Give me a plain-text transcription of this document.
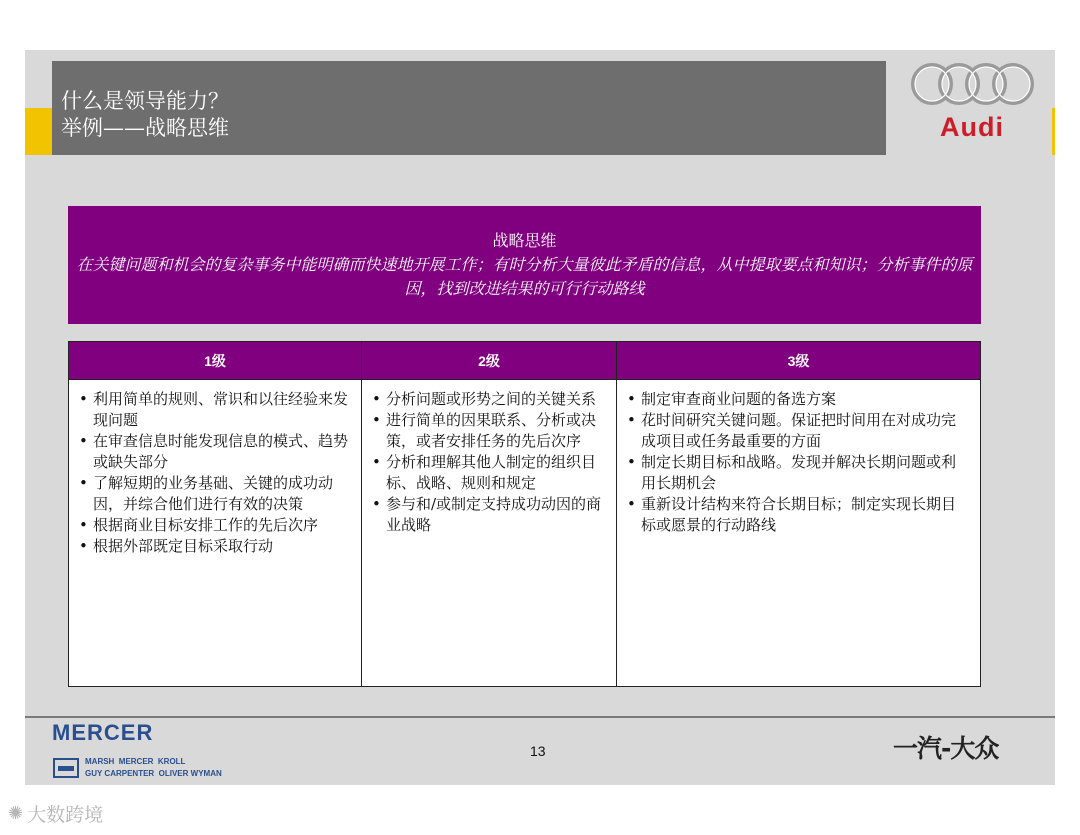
什么是领导能力？
举例——战略思维	Audi
战略思维
在关键问题和机会的复杂事务中能明确而快速地开展工作；有时分析大量彼此矛盾的信息，从中提取要点和知识；分析事件的原因，找到改进结果的可行行动路线
1级
• 利用简单的规则、常识和以往经验来发现问题
• 在审查信息时能发现信息的模式、趋势或缺失部分
• 了解短期的业务基础、关键的成功动因，并综合他们进行有效的决策
• 根据商业目标安排工作的先后次序
• 根据外部既定目标采取行动
2级
• 分析问题或形势之间的关键关系
• 进行简单的因果联系、分析或决策，或者安排任务的先后次序
• 分析和理解其他人制定的组织目标、战略、规则和规定
• 参与和/或制定支持成功动因的商业战略
3级
• 制定审查商业问题的备选方案
• 花时间研究关键问题。保证把时间用在对成功完成项目或任务最重要的方面
• 制定长期目标和战略。发现并解决长期问题或利用长期机会
• 重新设计结构来符合长期目标；制定实现长期目标或愿景的行动路线
MERCER
MARSH  MERCER  KROLL
GUY CARPENTER  OLIVER WYMAN
13	一汽-大众
✺ 大数跨境
